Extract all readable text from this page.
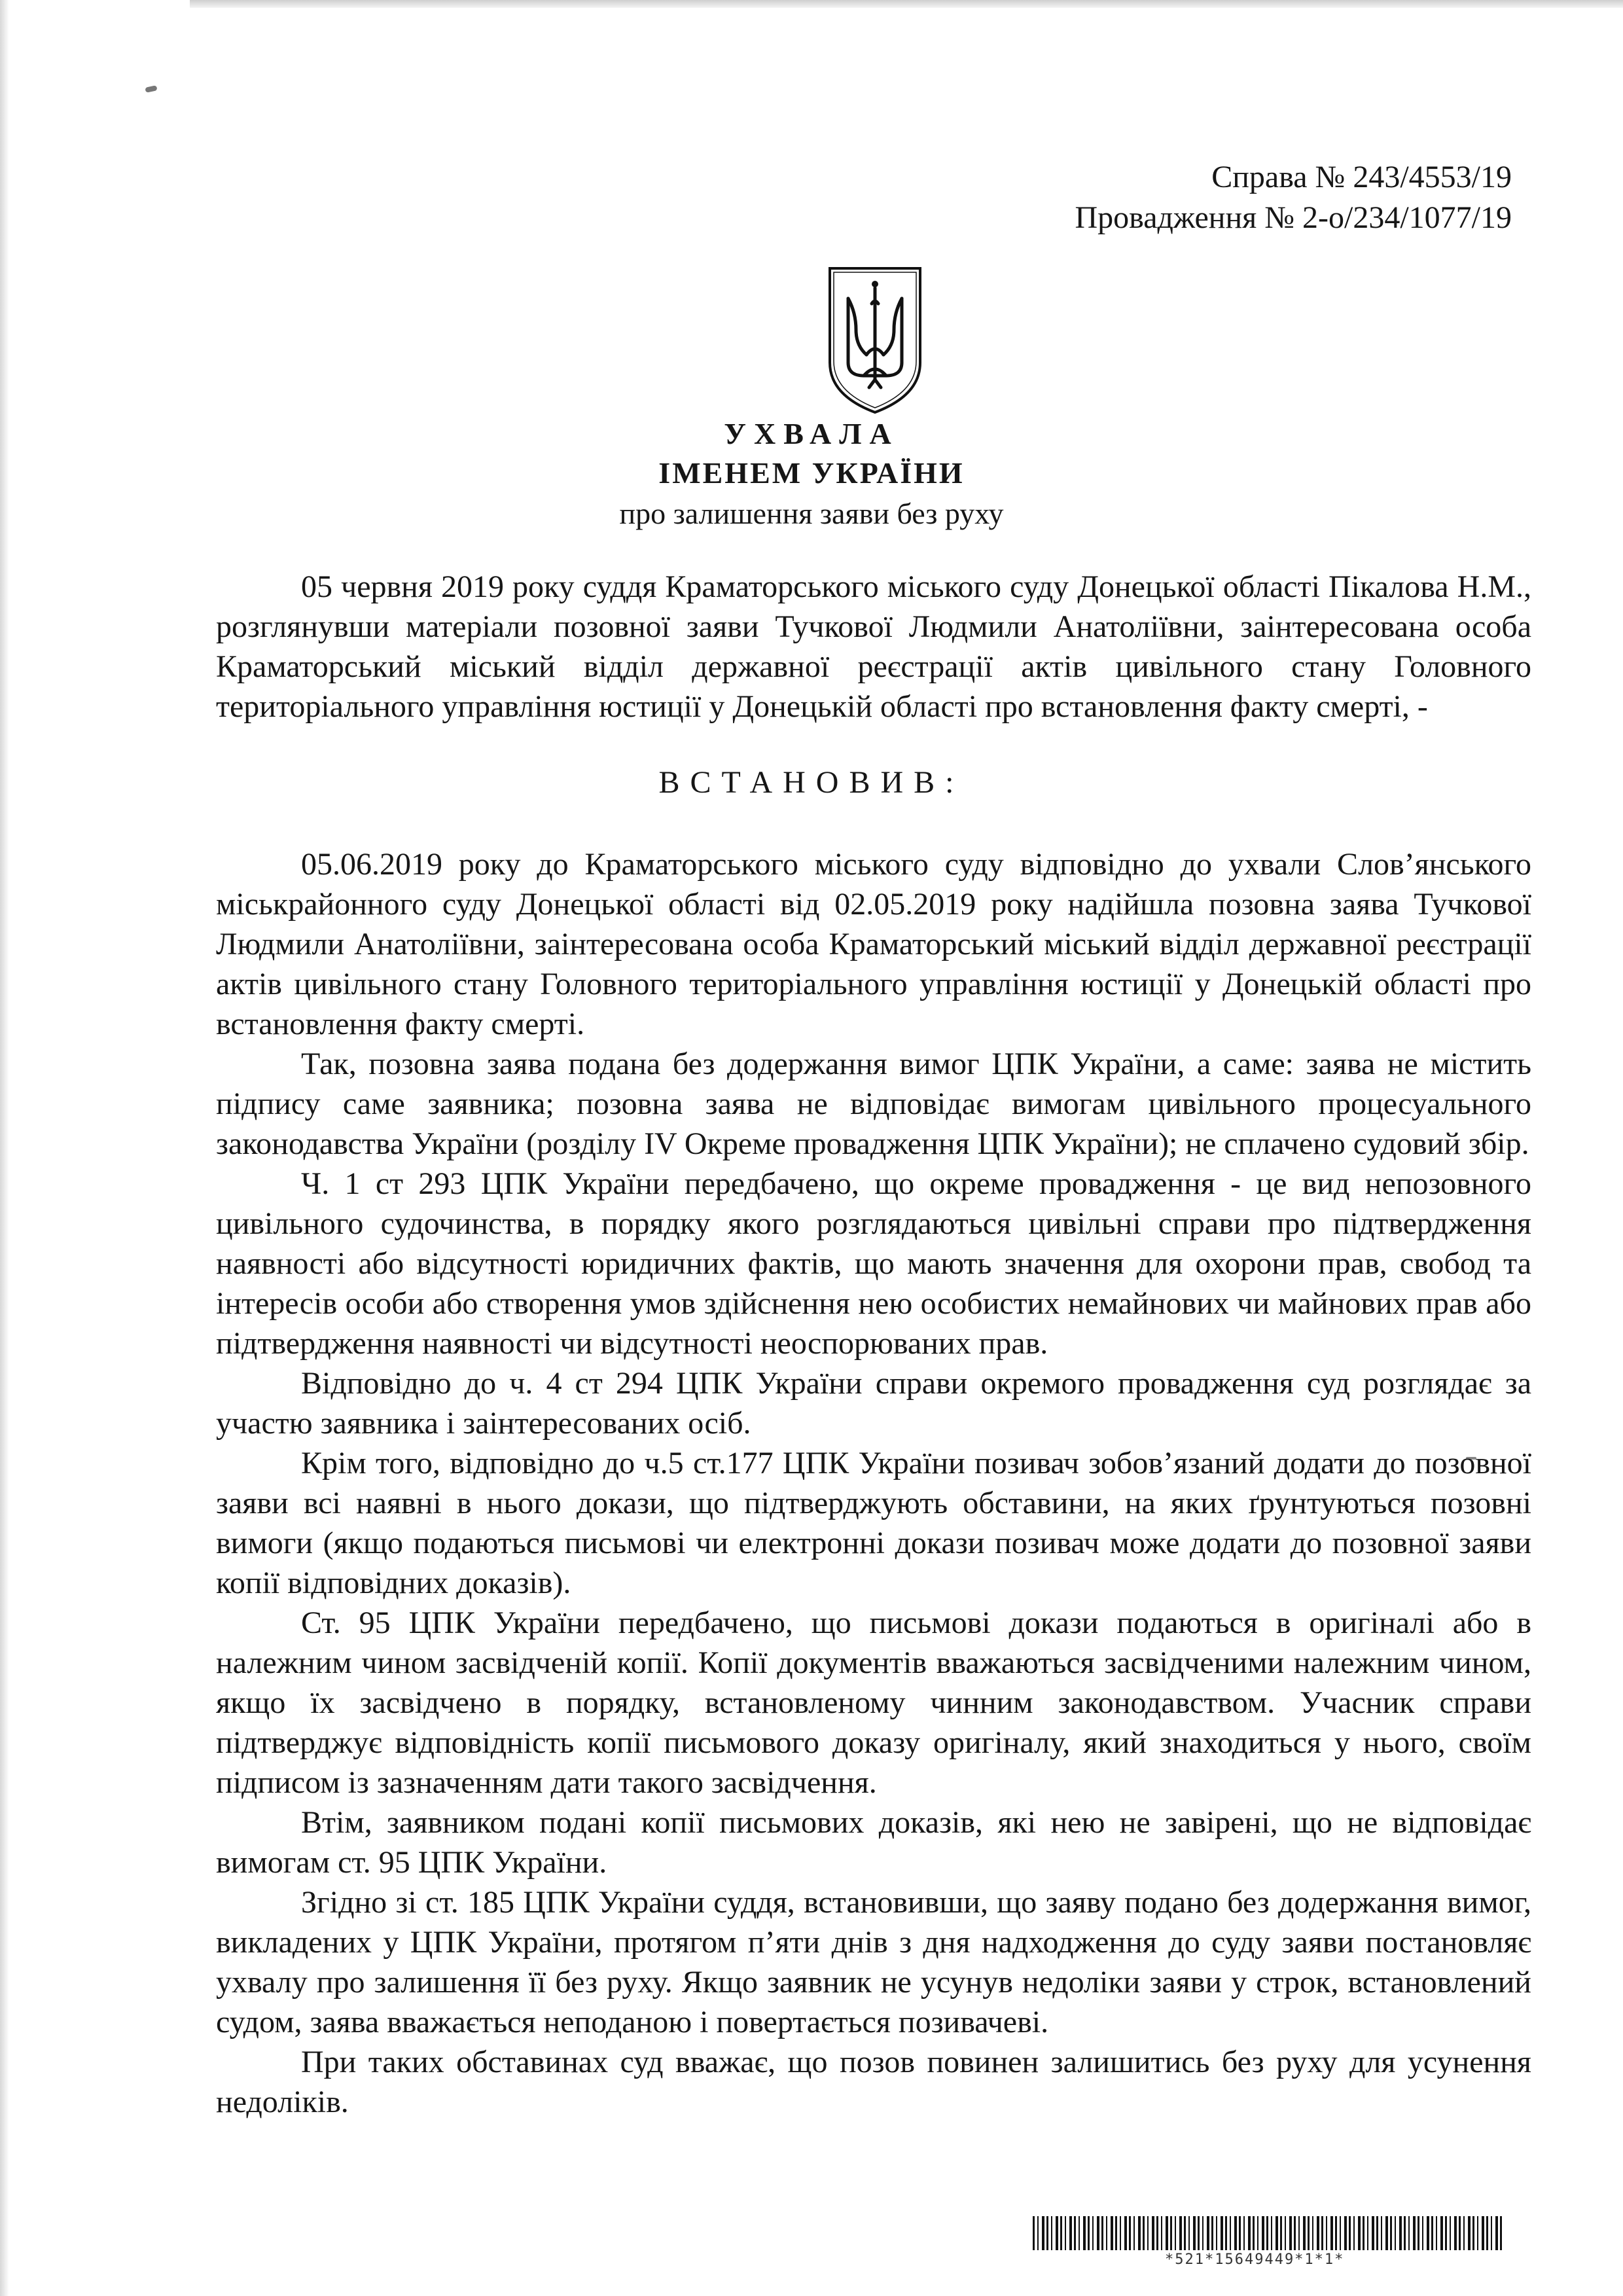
Справа № 243/4553/19
Провадження № 2-о/234/1077/19
УХВАЛА
ІМЕНЕМ УКРАЇНИ
про залишення заяви без руху

05 червня 2019 року суддя Краматорського міського суду Донецької області Пікалова Н.М., розглянувши матеріали позовної заяви Тучкової Людмили Анатоліївни, заінтересована особа Краматорський міський відділ державної реєстрації актів цивільного стану Головного територіального управління юстиції у Донецькій області про встановлення факту смерті, -

ВСТАНОВИВ:

05.06.2019 року до Краматорського міського суду відповідно до ухвали Слов’янського міськрайонного суду Донецької області від 02.05.2019 року надійшла позовна заява Тучкової Людмили Анатоліївни, заінтересована особа Краматорський міський відділ державної реєстрації актів цивільного стану Головного територіального управління юстиції у Донецькій області про встановлення факту смерті.

Так, позовна заява подана без додержання вимог ЦПК України, а саме: заява не містить підпису саме заявника; позовна заява не відповідає вимогам цивільного процесуального законодавства України (розділу IV Окреме провадження ЦПК України); не сплачено судовий збір.

Ч. 1 ст 293 ЦПК України передбачено, що окреме провадження - це вид непозовного цивільного судочинства, в порядку якого розглядаються цивільні справи про підтвердження наявності або відсутності юридичних фактів, що мають значення для охорони прав, свобод та інтересів особи або створення умов здійснення нею особистих немайнових чи майнових прав або підтвердження наявності чи відсутності неоспорюваних прав.

Відповідно до ч. 4 ст 294 ЦПК України справи окремого провадження суд розглядає за участю заявника і заінтересованих осіб.

Крім того, відповідно до ч.5 ст.177 ЦПК України позивач зобов’язаний додати до позовної заяви всі наявні в нього докази, що підтверджують обставини, на яких ґрунтуються позовні вимоги (якщо подаються письмові чи електронні докази позивач може додати до позовної заяви копії відповідних доказів).

Ст. 95 ЦПК України передбачено, що письмові докази подаються в оригіналі або в належним чином засвідченій копії. Копії документів вважаються засвідченими належним чином, якщо їх засвідчено в порядку, встановленому чинним законодавством. Учасник справи підтверджує відповідність копії письмового доказу оригіналу, який знаходиться у нього, своїм підписом із зазначенням дати такого засвідчення.

Втім, заявником подані копії письмових доказів, які нею не завірені, що не відповідає вимогам ст. 95 ЦПК України.

Згідно зі ст. 185 ЦПК України суддя, встановивши, що заяву подано без додержання вимог, викладених у ЦПК України, протягом п’яти днів з дня надходження до суду заяви постановляє ухвалу про залишення її без руху. Якщо заявник не усунув недоліки заяви у строк, встановлений судом, заява вважається неподаною і повертається позивачеві.

При таких обставинах суд вважає, що позов повинен залишитись без руху для усунення недоліків.

*521*15649449*1*1*
